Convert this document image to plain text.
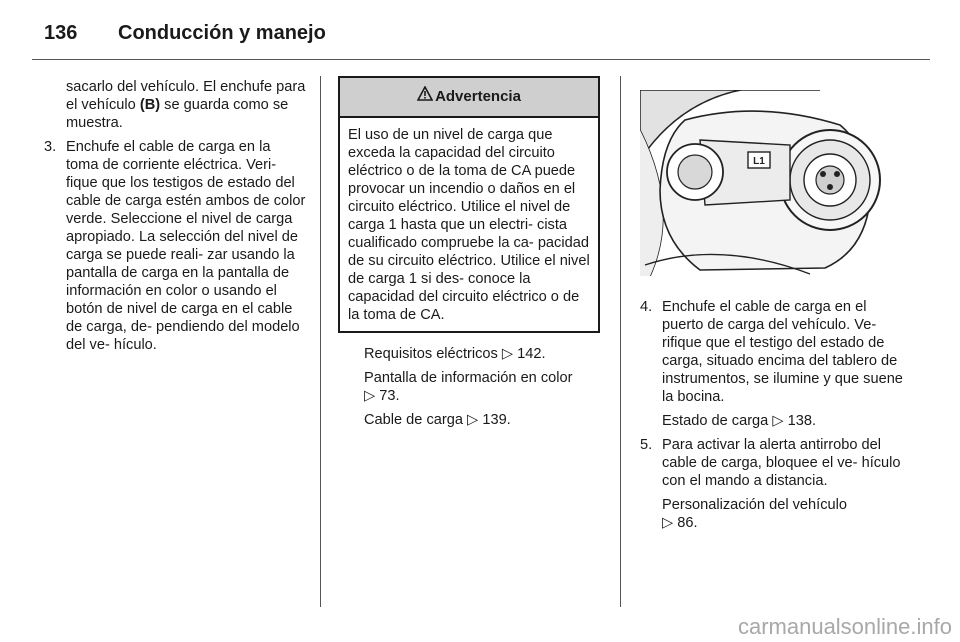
136 Conducción y manejo

sacarlo del vehículo. El enchufe para el vehículo (B) se guarda como se muestra.

3. Enchufe el cable de carga en la toma de corriente eléctrica. Veri- fique que los testigos de estado del cable de carga estén ambos de color verde. Seleccione el nivel de carga apropiado. La selección del nivel de carga se puede reali- zar usando la pantalla de carga en la pantalla de información en color o usando el botón de nivel de carga en el cable de carga, de- pendiendo del modelo del ve- hículo.
Advertencia
El uso de un nivel de carga que exceda la capacidad del circuito eléctrico o de la toma de CA puede provocar un incendio o daños en el circuito eléctrico. Utilice el nivel de carga 1 hasta que un electri- cista cualificado compruebe la ca- pacidad de su circuito eléctrico. Utilice el nivel de carga 1 si des- conoce la capacidad del circuito eléctrico o de la toma de CA.

Requisitos eléctricos ▷ 142.

Pantalla de información en color
▷ 73.

Cable de carga ▷ 139.

L1
4. Enchufe el cable de carga en el puerto de carga del vehículo. Ve- rifique que el testigo del estado de carga, situado encima del tablero de instrumentos, se ilumine y que suene la bocina.
Estado de carga ▷ 138.
5. Para activar la alerta antirrobo del cable de carga, bloquee el ve- hículo con el mando a distancia.
Personalización del vehículo
▷ 86.
carmanualsonline.info
